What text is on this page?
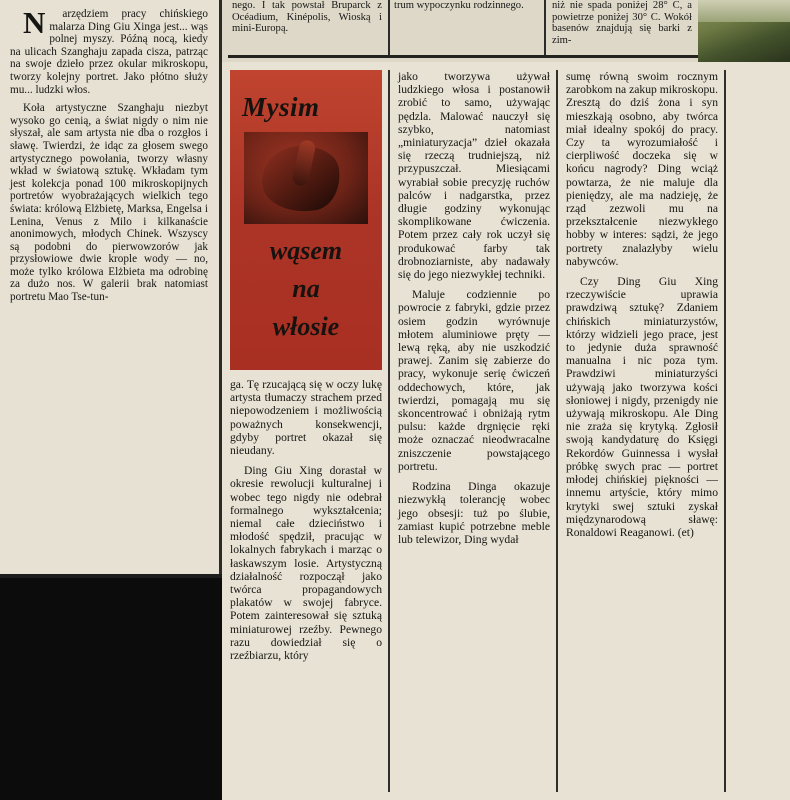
N	arzędziem pracy chińskiego malarza Ding Giu Xinga jest... wąs polnej myszy. Późną nocą, kiedy na ulicach Szanghaju zapada cisza, patrząc na swoje dzieło przez okular mikroskopu, tworzy kolejny portret. Jako płótno służy mu... ludzki włos.

Koła artystyczne Szanghaju niezbyt wysoko go cenią, a świat nigdy o nim nie słyszał, ale sam artysta nie dba o rozgłos i sławę. Twierdzi, że idąc za głosem swego artystycznego powołania, tworzy własny wkład w światową sztukę. Wkładam tym jest kolekcja ponad 100 mikroskopijnych portretów wyobrażających wielkich tego świata: królową Elżbietę, Marksa, Engelsa i Lenina, Venus z Milo i kilkanaście anonimowych, młodych Chinek. Wszyscy są podobni do pierwowzorów jak przysłowiowe dwie krople wody — no, może tylko królowa Elżbieta ma odrobinę za dużo nos. W galerii brak natomiast portretu Mao Tse-tun-

nego. I tak powstał Bruparck z Océadium, Kinépolis, Wioską i mini-Europą.

trum wypoczynku rodzinnego.	niż nie spada poniżej 28° C, a powietrze poniżej 30° C. Wokół basenów znajdują się barki z zim-

Mysim
wąsem
na
włosie

ga. Tę rzucającą się w oczy lukę artysta tłumaczy strachem przed niepowodzeniem i możliwością poważnych konsekwencji, gdyby portret okazał się nieudany.

Ding Giu Xing dorastał w okresie rewolucji kulturalnej i wobec tego nigdy nie odebrał formalnego wykształcenia; niemal całe dzieciństwo i młodość spędził, pracując w lokalnych fabrykach i marząc o łaskawszym losie. Artystyczną działalność rozpoczął jako twórca propagandowych plakatów w swojej fabryce. Potem zainteresował się sztuką miniaturowej rzeźby. Pewnego razu dowiedział się o rzeźbiarzu, który

jako tworzywa używał ludzkiego włosa i postanowił zrobić to samo, używając pędzla. Malować nauczył się szybko, natomiast „miniaturyzacja” dzieł okazała się rzeczą trudniejszą, niż przypuszczał. Miesiącami wyrabiał sobie precyzję ruchów palców i nadgarstka, przez długie godziny wykonując skomplikowane ćwiczenia. Potem przez cały rok uczył się produkować farby tak drobnoziarniste, aby nadawały się do jego niezwykłej techniki.

Maluje codziennie po powrocie z fabryki, gdzie przez osiem godzin wyrównuje młotem aluminiowe pręty — lewą ręką, aby nie uszkodzić prawej. Zanim się zabierze do pracy, wykonuje serię ćwiczeń oddechowych, które, jak twierdzi, pomagają mu się skoncentrować i obniżają rytm pulsu: każde drgnięcie ręki może oznaczać nieodwracalne zniszczenie powstającego portretu.

Rodzina Dinga okazuje niezwykłą tolerancję wobec jego obsesji: tuż po ślubie, zamiast kupić potrzebne meble lub telewizor, Ding wydał

sumę równą swoim rocznym zarobkom na zakup mikroskopu. Zresztą do dziś żona i syn mieszkają osobno, aby twórca miał idealny spokój do pracy. Czy ta wyrozumiałość i cierpliwość doczeka się w końcu nagrody? Ding wciąż powtarza, że nie maluje dla pieniędzy, ale ma nadzieję, że rząd zezwoli mu na przekształcenie niezwykłego hobby w interes: sądzi, że jego portrety znalazłyby wielu nabywców.

Czy Ding Giu Xing rzeczywiście uprawia prawdziwą sztukę? Zdaniem chińskich miniaturzystów, którzy widzieli jego prace, jest to jedynie duża sprawność manualna i nic poza tym. Prawdziwi miniaturzyści używają jako tworzywa kości słoniowej i nigdy, przenigdy nie używają mikroskopu. Ale Ding nie zraża się krytyką. Zgłosił swoją kandydaturę do Księgi Rekordów Guinnessa i wysłał próbkę swych prac — portret młodej chińskiej piękności — innemu artyście, który mimo krytyki swej sztuki zyskał międzynarodową sławę: Ronaldowi Reaganowi. (et)
